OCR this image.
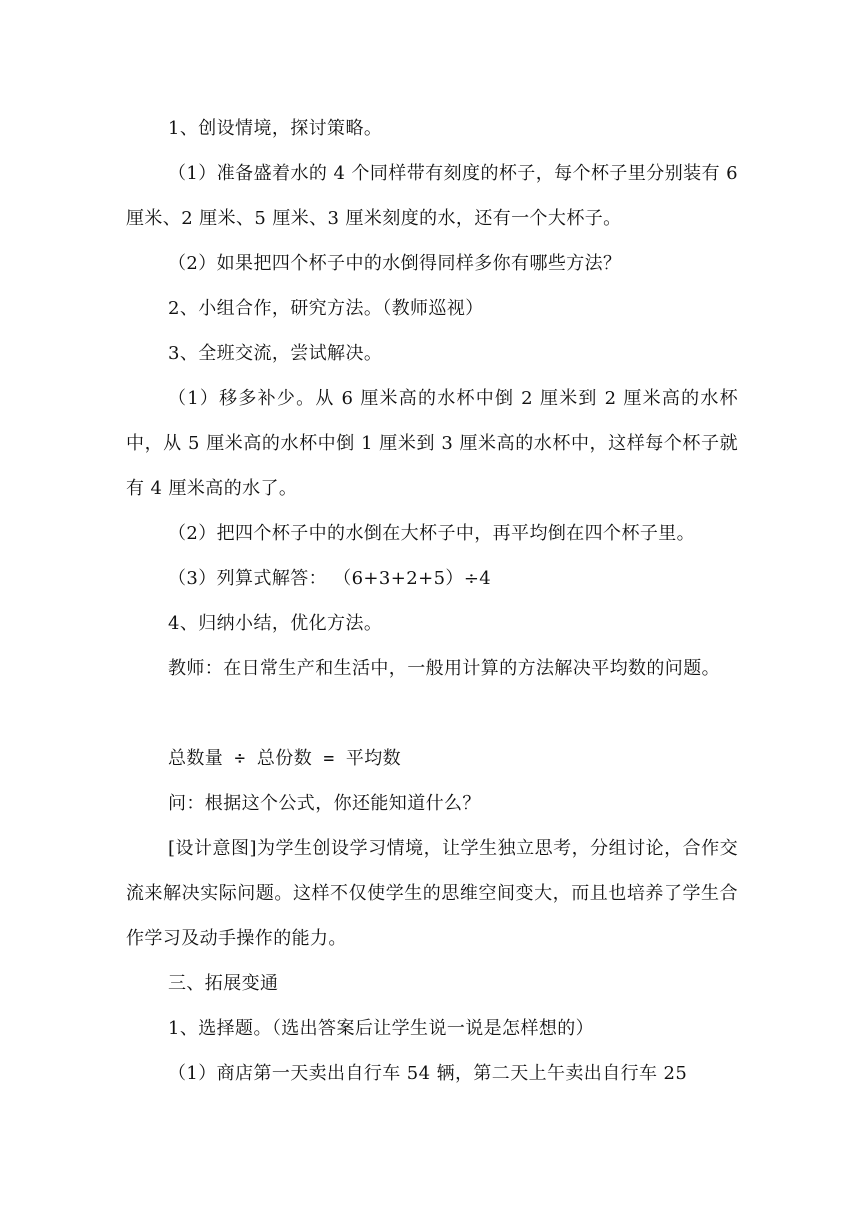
1、创设情境，探讨策略。
（1）准备盛着水的 4 个同样带有刻度的杯子，每个杯子里分别装有 6 厘米、2 厘米、5 厘米、3 厘米刻度的水，还有一个大杯子。
（2）如果把四个杯子中的水倒得同样多你有哪些方法？
2、小组合作，研究方法。（教师巡视）
3、全班交流，尝试解决。
（1）移多补少。从 6 厘米高的水杯中倒 2 厘米到 2 厘米高的水杯中，从 5 厘米高的水杯中倒 1 厘米到 3 厘米高的水杯中，这样每个杯子就有 4 厘米高的水了。
（2）把四个杯子中的水倒在大杯子中，再平均倒在四个杯子里。
（3）列算式解答： （6+3+2+5）÷4
4、归纳小结，优化方法。
教师：在日常生产和生活中，一般用计算的方法解决平均数的问题。
总数量 ÷ 总份数 = 平均数
问：根据这个公式，你还能知道什么？
[设计意图]为学生创设学习情境，让学生独立思考，分组讨论，合作交流来解决实际问题。这样不仅使学生的思维空间变大，而且也培养了学生合作学习及动手操作的能力。
三、拓展变通
1、选择题。（选出答案后让学生说一说是怎样想的）
（1）商店第一天卖出自行车 54 辆，第二天上午卖出自行车 25
